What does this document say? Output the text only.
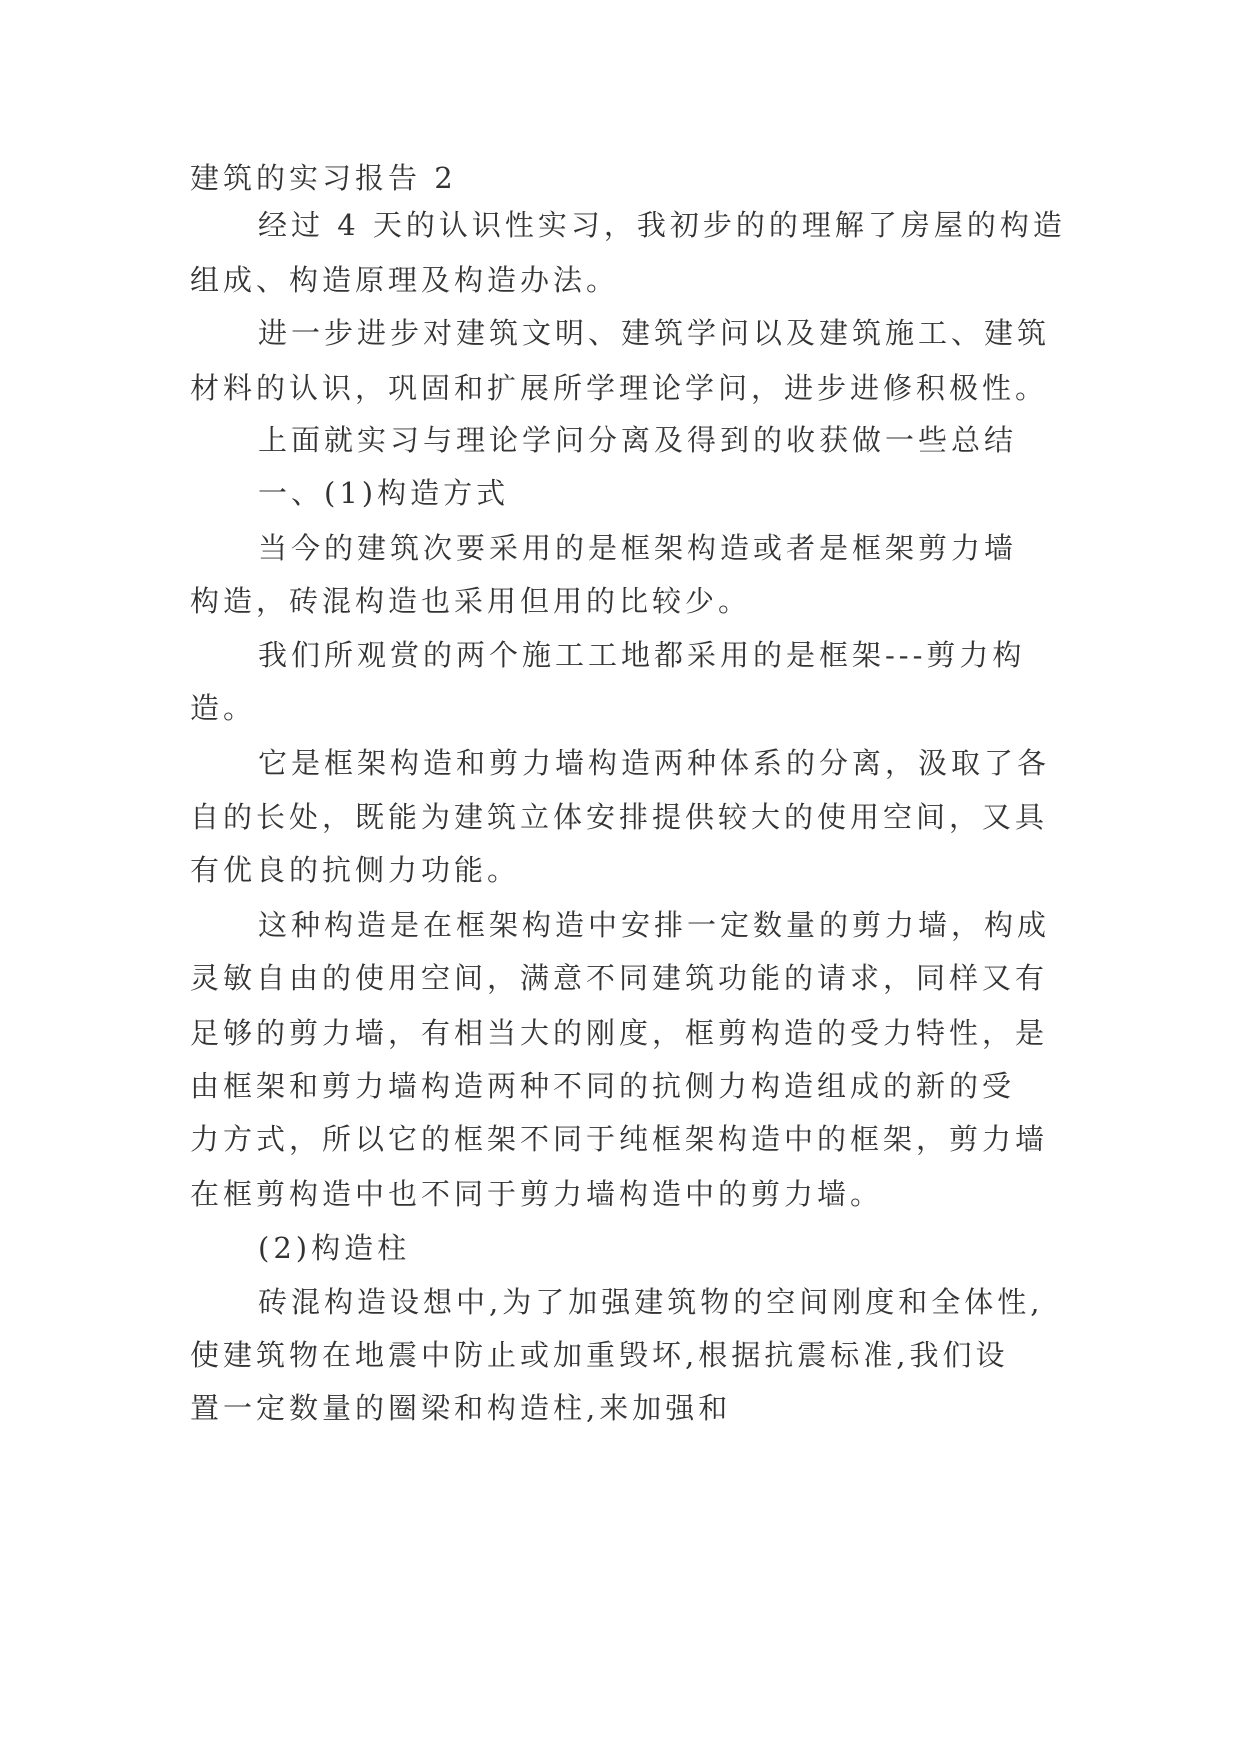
建筑的实习报告 2
经过 4 天的认识性实习，我初步的的理解了房屋的构造
组成、构造原理及构造办法。
进一步进步对建筑文明、建筑学问以及建筑施工、建筑
材料的认识，巩固和扩展所学理论学问，进步进修积极性。
上面就实习与理论学问分离及得到的收获做一些总结
一、(1)构造方式
当今的建筑次要采用的是框架构造或者是框架剪力墙
构造，砖混构造也采用但用的比较少。
我们所观赏的两个施工工地都采用的是框架---剪力构
造。
它是框架构造和剪力墙构造两种体系的分离，汲取了各
自的长处，既能为建筑立体安排提供较大的使用空间，又具
有优良的抗侧力功能。
这种构造是在框架构造中安排一定数量的剪力墙，构成
灵敏自由的使用空间，满意不同建筑功能的请求，同样又有
足够的剪力墙，有相当大的刚度，框剪构造的受力特性，是
由框架和剪力墙构造两种不同的抗侧力构造组成的新的受
力方式，所以它的框架不同于纯框架构造中的框架，剪力墙
在框剪构造中也不同于剪力墙构造中的剪力墙。
(2)构造柱
砖混构造设想中,为了加强建筑物的空间刚度和全体性,
使建筑物在地震中防止或加重毁坏,根据抗震标准,我们设
置一定数量的圈梁和构造柱,来加强和
